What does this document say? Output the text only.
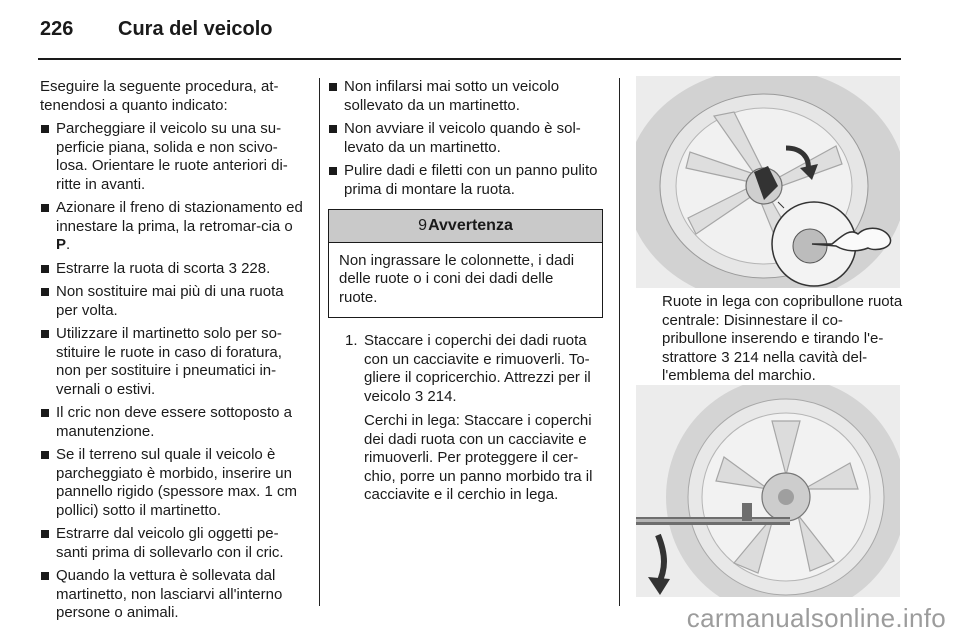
226 Cura del veicolo

Eseguire la seguente procedura, at-tenendosi a quanto indicato:

Parcheggiare il veicolo su una su-perficie piana, solida e non scivo-losa. Orientare le ruote anteriori di-ritte in avanti.
Azionare il freno di stazionamento ed innestare la prima, la retromar-cia o P.
Estrarre la ruota di scorta 3 228.
Non sostituire mai più di una ruota per volta.
Utilizzare il martinetto solo per so-stituire le ruote in caso di foratura, non per sostituire i pneumatici in-vernali o estivi.
Il cric non deve essere sottoposto a manutenzione.
Se il terreno sul quale il veicolo è parcheggiato è morbido, inserire un pannello rigido (spessore max. 1 cm pollici) sotto il martinetto.
Estrarre dal veicolo gli oggetti pe-santi prima di sollevarlo con il cric.
Quando la vettura è sollevata dal martinetto, non lasciarvi all'interno persone o animali.
Non infilarsi mai sotto un veicolo sollevato da un martinetto.
Non avviare il veicolo quando è sol-levato da un martinetto.
Pulire dadi e filetti con un panno pulito prima di montare la ruota.
9Avvertenza
Non ingrassare le colonnette, i dadi delle ruote o i coni dei dadi delle ruote.
1. Staccare i coperchi dei dadi ruota con un cacciavite e rimuoverli. To-gliere il copricerchio. Attrezzi per il veicolo 3 214.

Cerchi in lega: Staccare i coperchi dei dadi ruota con un cacciavite e rimuoverli. Per proteggere il cer-chio, porre un panno morbido tra il cacciavite e il cerchio in lega.

Ruote in lega con copribullone ruota centrale: Disinnestare il co-pribullone inserendo e tirando l'e-strattore 3 214 nella cavità del-l'emblema del marchio.
carmanualsonline.info
